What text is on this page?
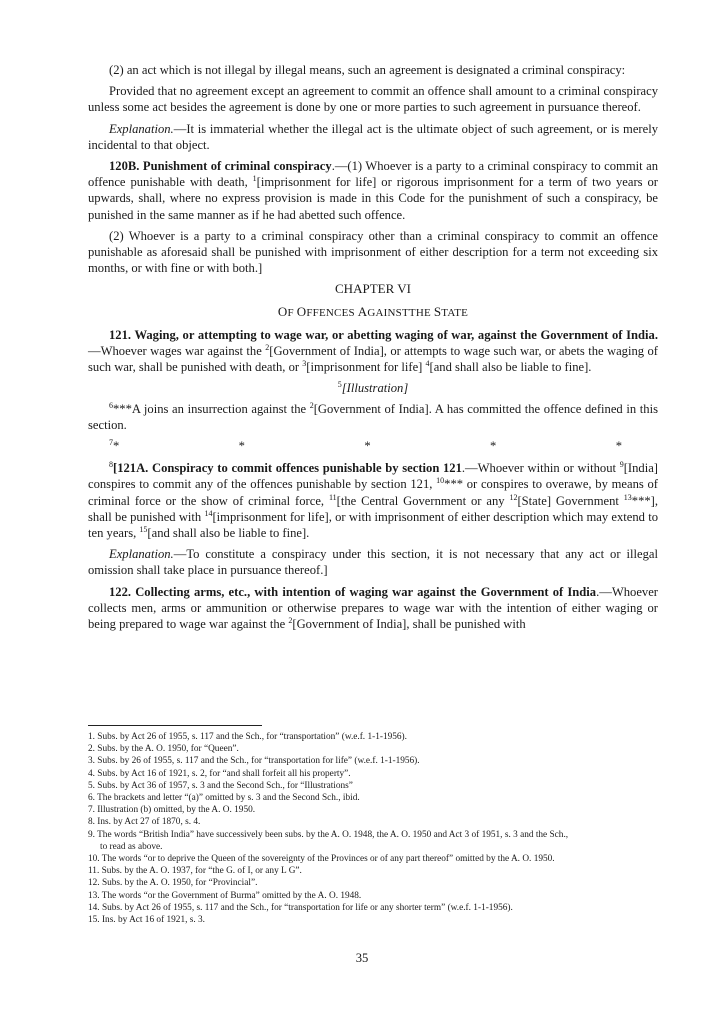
(2) an act which is not illegal by illegal means, such an agreement is designated a criminal conspiracy:

Provided that no agreement except an agreement to commit an offence shall amount to a criminal conspiracy unless some act besides the agreement is done by one or more parties to such agreement in pursuance thereof.

Explanation.—It is immaterial whether the illegal act is the ultimate object of such agreement, or is merely incidental to that object.

120B. Punishment of criminal conspiracy.—(1) Whoever is a party to a criminal conspiracy to commit an offence punishable with death, $^1$[imprisonment for life] or rigorous imprisonment for a term of two years or upwards, shall, where no express provision is made in this Code for the punishment of such a conspiracy, be punished in the same manner as if he had abetted such offence.

(2) Whoever is a party to a criminal conspiracy other than a criminal conspiracy to commit an offence punishable as aforesaid shall be punished with imprisonment of either description for a term not exceeding six months, or with fine or with both.]

CHAPTER VI
OF OFFENCES AGAINSTTHE STATE

121. Waging, or attempting to wage war, or abetting waging of war, against the Government of India.—Whoever wages war against the $^2$[Government of India], or attempts to wage such war, or abets the waging of such war, shall be punished with death, or $^3$[imprisonment for life] $^4$[and shall also be liable to fine].

$^5$[Illustration]

$^6$***A joins an insurrection against the $^2$[Government of India]. A has committed the offence defined in this section.

$^7$*	*	*	*	*

$^8$[121A. Conspiracy to commit offences punishable by section 121.—Whoever within or without $^9$[India] conspires to commit any of the offences punishable by section 121, $^{10}$*** or conspires to overawe, by means of criminal force or the show of criminal force, $^{11}$[the Central Government or any $^{12}$[State] Government $^{13}$***], shall be punished with $^{14}$[imprisonment for life], or with imprisonment of either description which may extend to ten years, $^{15}$[and shall also be liable to fine].

Explanation.—To constitute a conspiracy under this section, it is not necessary that any act or illegal omission shall take place in pursuance thereof.]

122. Collecting arms, etc., with intention of waging war against the Government of India.—Whoever collects men, arms or ammunition or otherwise prepares to wage war with the intention of either waging or being prepared to wage war against the $^2$[Government of India], shall be punished with

1. Subs. by Act 26 of 1955, s. 117 and the Sch., for “transportation” (w.e.f. 1-1-1956).

2. Subs. by the A. O. 1950, for “Queen”.

3. Subs. by 26 of 1955, s. 117 and the Sch., for “transportation for life” (w.e.f. 1-1-1956).

4. Subs. by Act 16 of 1921, s. 2, for “and shall forfeit all his property”.

5. Subs. by Act 36 of 1957, s. 3 and the Second Sch., for “Illustrations”

6. The brackets and letter “(a)” omitted by s. 3 and the Second Sch., ibid.

7. Illustration (b) omitted, by the A. O. 1950.

8. Ins. by Act 27 of 1870, s. 4.

9. The words “British India” have successively been subs. by the A. O. 1948, the A. O. 1950 and Act 3 of 1951, s. 3 and the Sch.,

to read as above.

10. The words “or to deprive the Queen of the sovereignty of the Provinces or of any part thereof” omitted by the A. O. 1950.

11. Subs. by the A. O. 1937, for “the G. of I, or any L G”.

12. Subs. by the A. O. 1950, for “Provincial”.

13. The words “or the Government of Burma” omitted by the A. O. 1948.

14. Subs. by Act 26 of 1955, s. 117 and the Sch., for “transportation for life or any shorter term” (w.e.f. 1-1-1956).

15. Ins. by Act 16 of 1921, s. 3.

35
